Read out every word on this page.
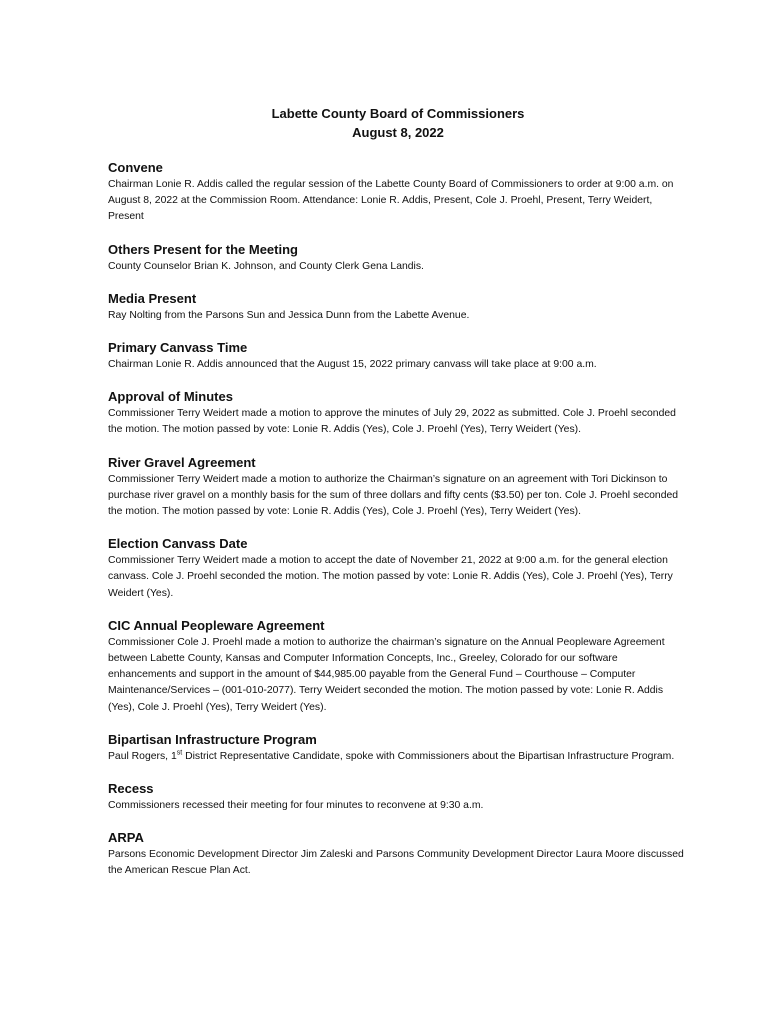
Labette County Board of Commissioners
August 8, 2022
Convene

Chairman Lonie R. Addis called the regular session of the Labette County Board of Commissioners to order at 9:00 a.m. on August 8, 2022 at the Commission Room. Attendance: Lonie R. Addis, Present, Cole J. Proehl, Present, Terry Weidert, Present

Others Present for the Meeting

County Counselor Brian K. Johnson, and County Clerk Gena Landis.

Media Present

Ray Nolting from the Parsons Sun and Jessica Dunn from the Labette Avenue.

Primary Canvass Time

Chairman Lonie R. Addis announced that the August 15, 2022 primary canvass will take place at 9:00 a.m.

Approval of Minutes

Commissioner Terry Weidert made a motion to approve the minutes of July 29, 2022 as submitted. Cole J. Proehl seconded the motion. The motion passed by vote: Lonie R. Addis (Yes), Cole J. Proehl (Yes), Terry Weidert (Yes).

River Gravel Agreement

Commissioner Terry Weidert made a motion to authorize the Chairman’s signature on an agreement with Tori Dickinson to purchase river gravel on a monthly basis for the sum of three dollars and fifty cents ($3.50) per ton. Cole J. Proehl seconded the motion. The motion passed by vote: Lonie R. Addis (Yes), Cole J. Proehl (Yes), Terry Weidert (Yes).

Election Canvass Date

Commissioner Terry Weidert made a motion to accept the date of November 21, 2022 at 9:00 a.m. for the general election canvass. Cole J. Proehl seconded the motion. The motion passed by vote: Lonie R. Addis (Yes), Cole J. Proehl (Yes), Terry Weidert (Yes).

CIC Annual Peopleware Agreement

Commissioner Cole J. Proehl made a motion to authorize the chairman’s signature on the Annual Peopleware Agreement between Labette County, Kansas and Computer Information Concepts, Inc., Greeley, Colorado for our software enhancements and support in the amount of $44,985.00 payable from the General Fund – Courthouse – Computer Maintenance/Services – (001-010-2077). Terry Weidert seconded the motion. The motion passed by vote: Lonie R. Addis (Yes), Cole J. Proehl (Yes), Terry Weidert (Yes).

Bipartisan Infrastructure Program

Paul Rogers, 1st District Representative Candidate, spoke with Commissioners about the Bipartisan Infrastructure Program.

Recess

Commissioners recessed their meeting for four minutes to reconvene at 9:30 a.m.

ARPA

Parsons Economic Development Director Jim Zaleski and Parsons Community Development Director Laura Moore discussed the American Rescue Plan Act.
